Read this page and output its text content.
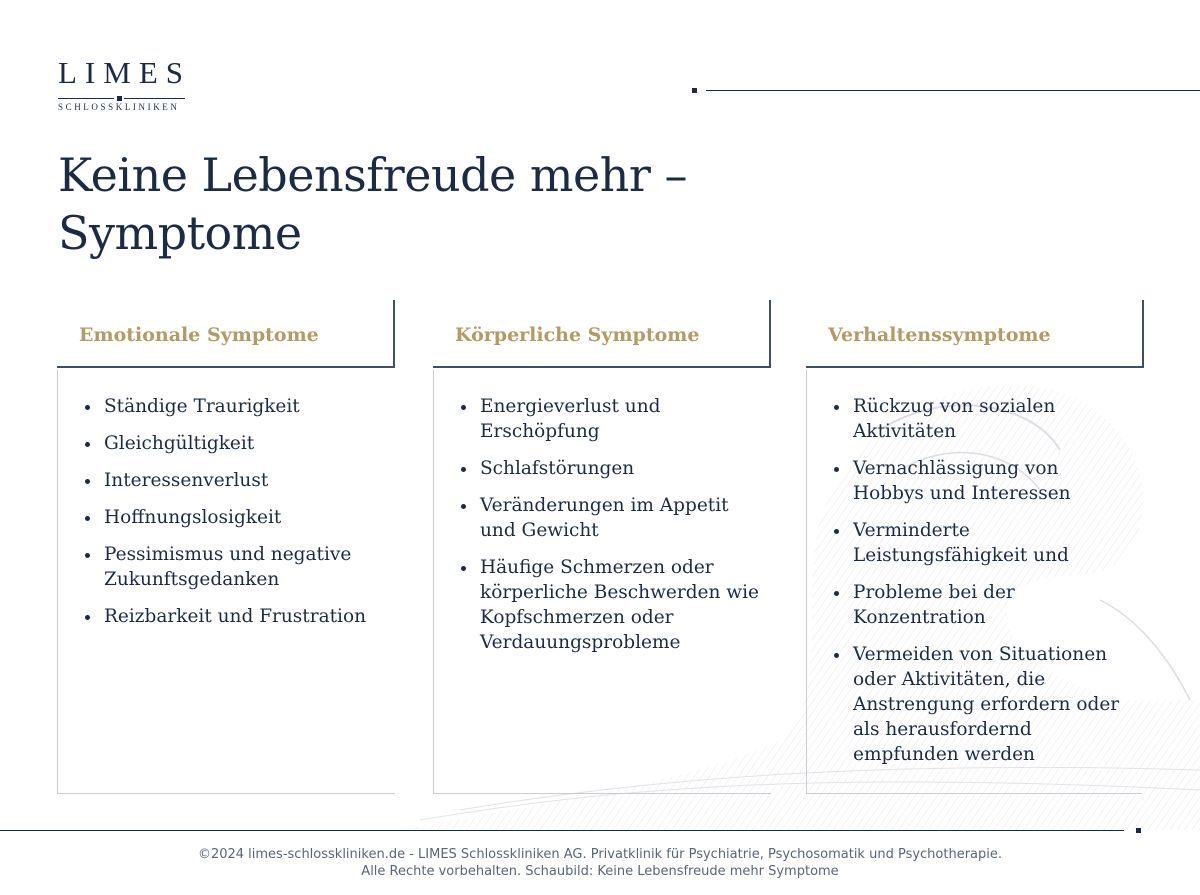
LIMES
SCHLOSSKLINIKEN
Keine Lebensfreude mehr –
Symptome
Emotionale Symptome
• Ständige Traurigkeit
• Gleichgültigkeit
• Interessenverlust
• Hoffnungslosigkeit
• Pessimismus und negative Zukunftsgedanken
• Reizbarkeit und Frustration
Körperliche Symptome
• Energieverlust und Erschöpfung
• Schlafstörungen
• Veränderungen im Appetit und Gewicht
• Häufige Schmerzen oder körperliche Beschwerden wie Kopfschmerzen oder Verdauungsprobleme
Verhaltenssymptome
• Rückzug von sozialen Aktivitäten
• Vernachlässigung von Hobbys und Interessen
• Verminderte Leistungsfähigkeit und
• Probleme bei der Konzentration
• Vermeiden von Situationen oder Aktivitäten, die Anstrengung erfordern oder als herausfordernd empfunden werden
©2024 limes-schlosskliniken.de - LIMES Schlosskliniken AG. Privatklinik für Psychiatrie, Psychosomatik und Psychotherapie.
Alle Rechte vorbehalten. Schaubild: Keine Lebensfreude mehr Symptome
